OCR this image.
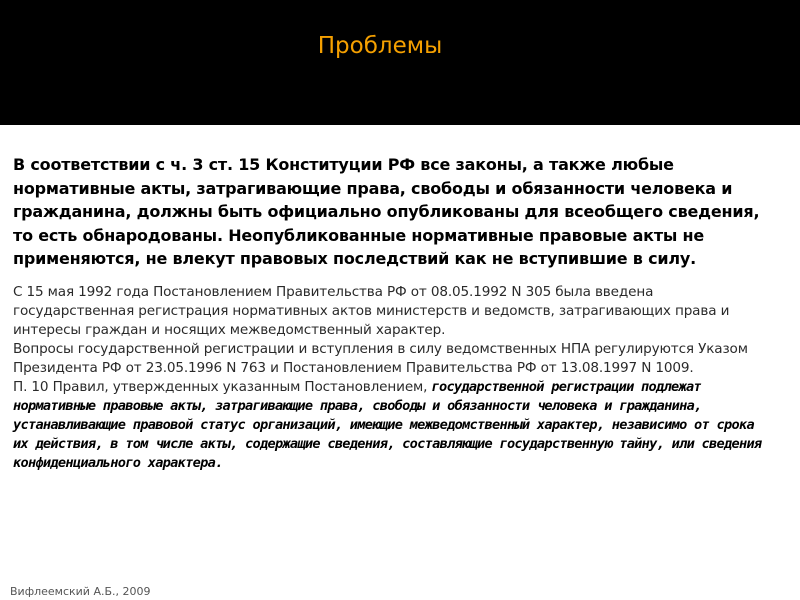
Проблемы

В соответствии с ч. 3 ст. 15 Конституции РФ все законы, а также любые нормативные акты, затрагивающие права, свободы и обязанности человека и гражданина, должны быть официально опубликованы для всеобщего сведения, то есть обнародованы. Неопубликованные нормативные правовые акты не применяются, не влекут правовых последствий как не вступившие в силу.

С 15 мая 1992 года Постановлением Правительства РФ от 08.05.1992 N 305 была введена государственная регистрация нормативных актов министерств и ведомств, затрагивающих права и интересы граждан и носящих межведомственный характер.

Вопросы государственной регистрации и вступления в силу ведомственных НПА регулируются Указом Президента РФ от 23.05.1996 N 763 и Постановлением Правительства РФ от 13.08.1997 N 1009.

П. 10 Правил, утвержденных указанным Постановлением, государственной регистрации подлежат нормативные правовые акты, затрагивающие права, свободы и обязанности человека и гражданина, устанавливающие правовой статус организаций, имеющие межведомственный характер, независимо от срока их действия, в том числе акты, содержащие сведения, составляющие государственную тайну, или сведения конфиденциального характера.

Вифлеемский А.Б., 2009
